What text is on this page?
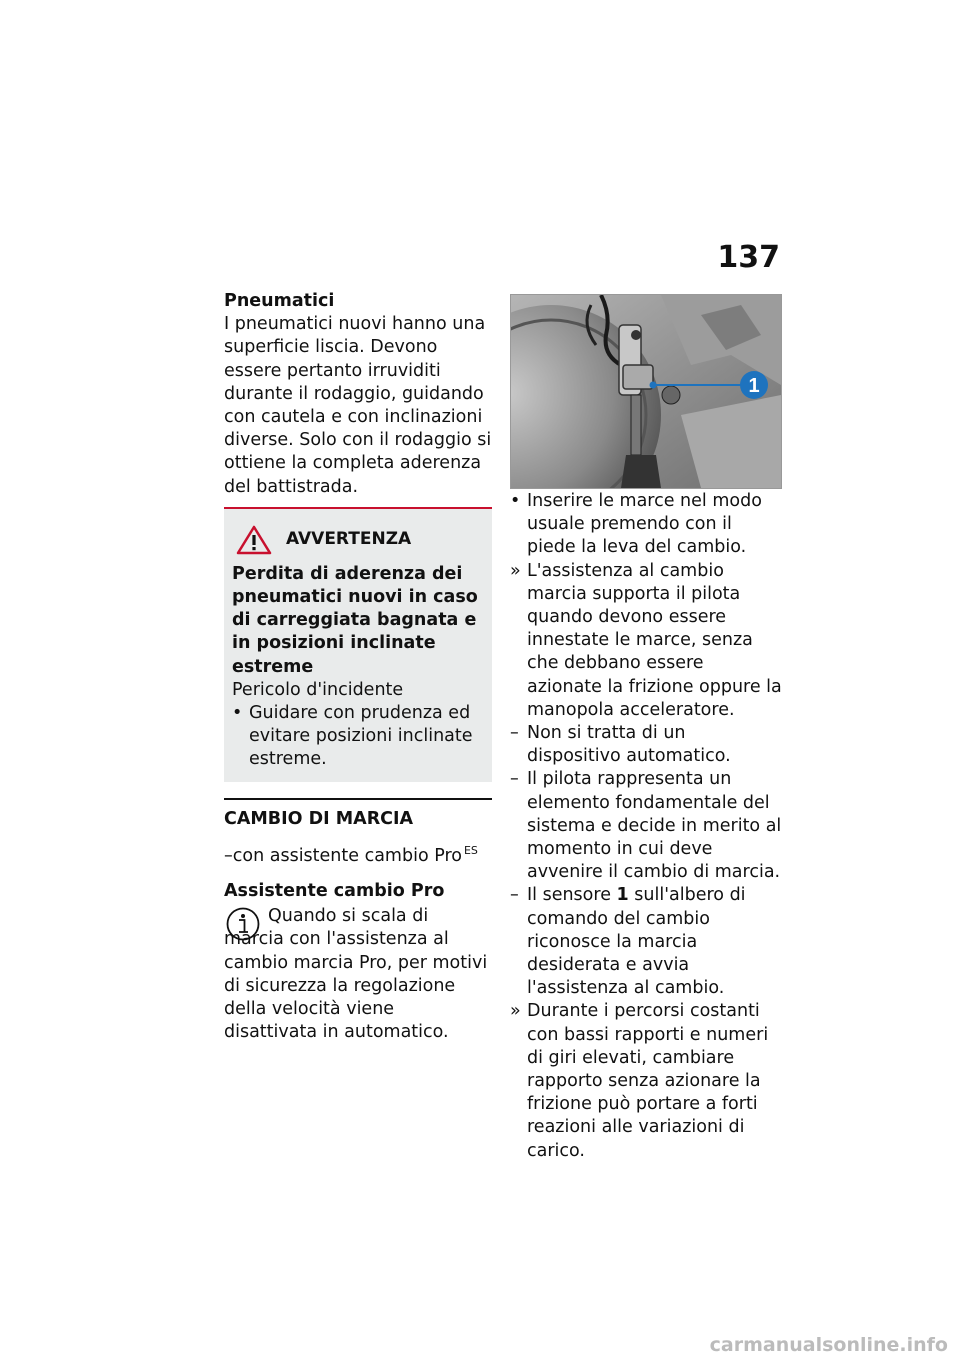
137

Pneumatici

I pneumatici nuovi hanno una superficie liscia. Devono essere pertanto irruviditi durante il rodaggio, guidando con cautela e con inclinazioni diverse. Solo con il rodaggio si ottiene la completa aderenza del battistrada.

AVVERTENZA

Perdita di aderenza dei pneumatici nuovi in caso di carreggiata bagnata e in posizioni inclinate estreme

Pericolo d'incidente

• Guidare con prudenza ed evitare posizioni inclinate estreme.
CAMBIO DI MARCIA

–con assistente cambio Pro $^{ES}$

Assistente cambio Pro

Quando si scala di marcia con l'assistenza al cambio marcia Pro, per motivi di sicurezza la regolazione della velocità viene disattivata in automatico.

1
• Inserire le marce nel modo usuale premendo con il piede la leva del cambio.
» L'assistenza al cambio marcia supporta il pilota quando devono essere innestate le marce, senza che debbano essere azionate la frizione oppure la manopola acceleratore.
– Non si tratta di un dispositivo automatico.
– Il pilota rappresenta un elemento fondamentale del sistema e decide in merito al momento in cui deve avvenire il cambio di marcia.
– Il sensore 1 sull'albero di comando del cambio riconosce la marcia desiderata e avvia l'assistenza al cambio.
» Durante i percorsi costanti con bassi rapporti e numeri di giri elevati, cambiare rapporto senza azionare la frizione può portare a forti reazioni alle variazioni di carico.
carmanualsonline.info
